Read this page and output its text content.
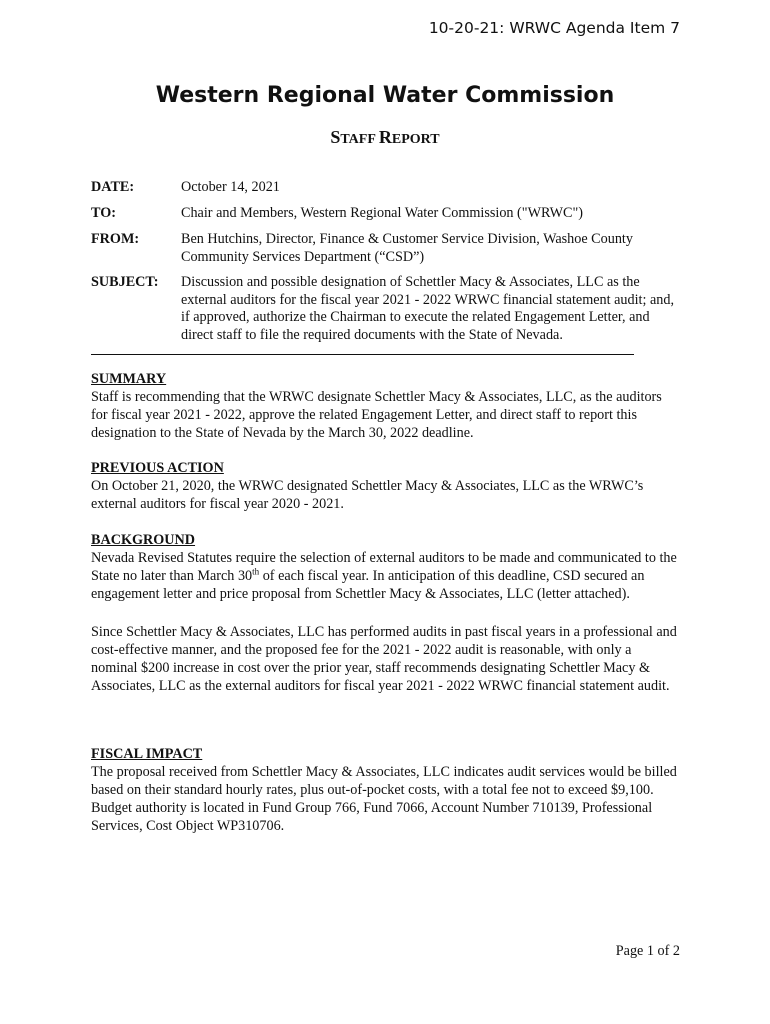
10-20-21: WRWC Agenda Item 7
Western Regional Water Commission
STAFF REPORT
DATE:	October 14, 2021
TO:	Chair and Members, Western Regional Water Commission ("WRWC")
FROM:	Ben Hutchins, Director, Finance & Customer Service Division, Washoe County Community Services Department (“CSD”)
SUBJECT: Discussion and possible designation of Schettler Macy & Associates, LLC as the external auditors for the fiscal year 2021 - 2022 WRWC financial statement audit; and, if approved, authorize the Chairman to execute the related Engagement Letter, and direct staff to file the required documents with the State of Nevada.
SUMMARY

Staff is recommending that the WRWC designate Schettler Macy & Associates, LLC, as the auditors for fiscal year 2021 - 2022, approve the related Engagement Letter, and direct staff to report this designation to the State of Nevada by the March 30, 2022 deadline.

PREVIOUS ACTION

On October 21, 2020, the WRWC designated Schettler Macy & Associates, LLC as the WRWC’s external auditors for fiscal year 2020 - 2021.

BACKGROUND

Nevada Revised Statutes require the selection of external auditors to be made and communicated to the State no later than March 30th of each fiscal year. In anticipation of this deadline, CSD secured an engagement letter and price proposal from Schettler Macy & Associates, LLC (letter attached).

Since Schettler Macy & Associates, LLC has performed audits in past fiscal years in a professional and cost-effective manner, and the proposed fee for the 2021 - 2022 audit is reasonable, with only a nominal $200 increase in cost over the prior year, staff recommends designating Schettler Macy & Associates, LLC as the external auditors for fiscal year 2021 - 2022 WRWC financial statement audit.

FISCAL IMPACT

The proposal received from Schettler Macy & Associates, LLC indicates audit services would be billed based on their standard hourly rates, plus out-of-pocket costs, with a total fee not to exceed $9,100. Budget authority is located in Fund Group 766, Fund 7066, Account Number 710139, Professional Services, Cost Object WP310706.

Page 1 of 2
